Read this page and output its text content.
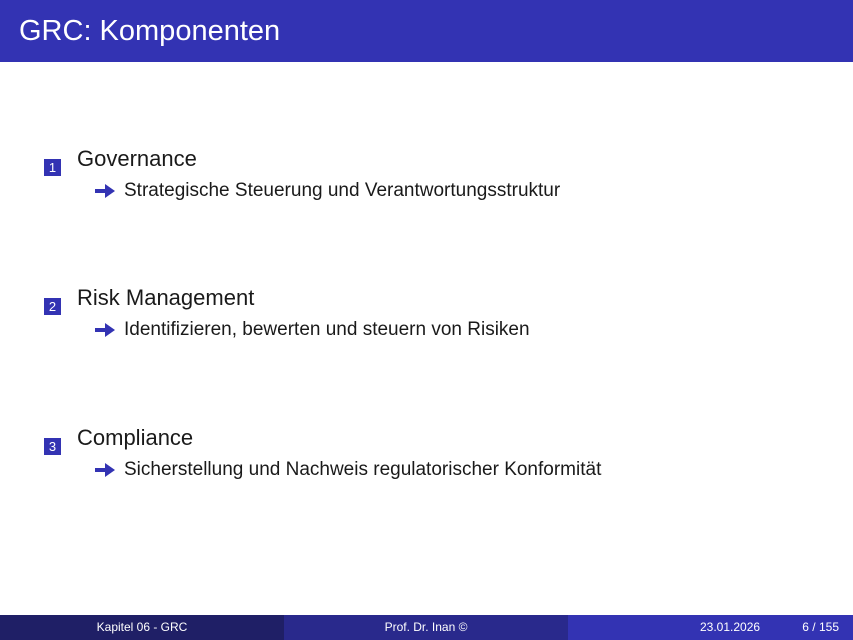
GRC: Komponenten
1 Governance
Strategische Steuerung und Verantwortungsstruktur
2 Risk Management
Identifizieren, bewerten und steuern von Risiken
3 Compliance
Sicherstellung und Nachweis regulatorischer Konformität
Kapitel 06 - GRC	Prof. Dr. Inan ©	23.01.2026	6 / 155
